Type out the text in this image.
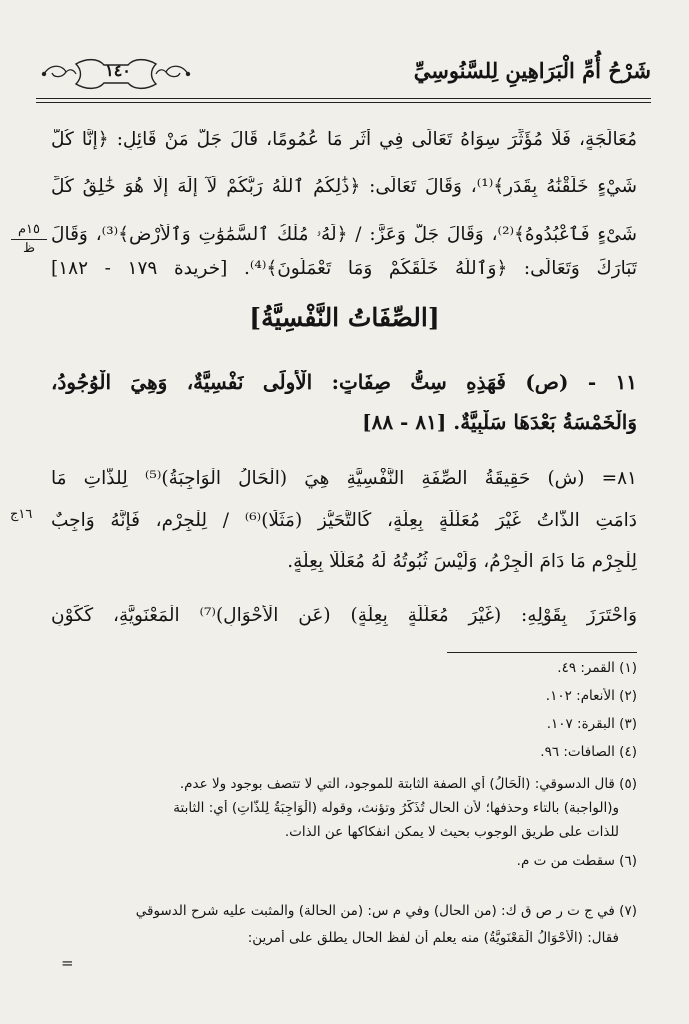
شَرْحُ أُمِّ الْبَرَاهِينِ لِلسَّنُوسِيِّ
١٤٠
مُعَالَجَةٍ، فَلَا مُؤَثِّرَ سِوَاهُ تَعَالَى فِي أَثَرٍ مَا عُمُومًا، قَالَ جَلَّ مَنْ قَائِلٍ: ﴿إِنَّا كُلَّ
شَيْءٍ خَلَقْنَٰهُ بِقَدَرٍ﴾⁽¹⁾، وَقَالَ تَعَالَى: ﴿ذَٰلِكُمُ ٱللَّهُ رَبُّكُمْ لَآ إِلَٰهَ إِلَّا هُوَ خَٰلِقُ كُلِّ
شَىْءٍ فَٱعْبُدُوهُ﴾⁽²⁾، وَقَالَ جَلَّ وَعَزَّ: / ﴿لَهُۥ مُلْكُ ٱلسَّمَٰوَٰتِ وَٱلْأَرْضِ﴾⁽³⁾، وَقَالَ
تَبَارَكَ وَتَعَالَى: ﴿وَٱللَّهُ خَلَقَكُمْ وَمَا تَعْمَلُونَ﴾⁽⁴⁾. [خريدة ١٧٩ - ١٨٢]
١٥م
ظ
[الصِّفَاتُ النَّفْسِيَّةُ]
١١ - (ص) فَهَذِهِ سِتُّ صِفَاتٍ: الْأُولَى نَفْسِيَّةٌ، وَهِيَ الْوُجُودُ،
وَالْخَمْسَةُ بَعْدَهَا سَلْبِيَّةٌ. [٨١ - ٨٨]
٨١= (ش) حَقِيقَةُ الصِّفَةِ النَّفْسِيَّةِ هِيَ (الْحَالُ الْوَاجِبَةُ)⁽⁵⁾ لِلذَّاتِ مَا
دَامَتِ الذَّاتُ غَيْرَ مُعَلَّلَةٍ بِعِلَّةٍ، كَالتَّحَيُّزِ (مَثَلًا)⁽⁶⁾ / لِلْجِرْمِ، فَإِنَّهُ وَاجِبٌ
لِلْجِرْمِ مَا دَامَ الْجِرْمُ، وَلَيْسَ ثُبُوتُهُ لَهُ مُعَلَّلًا بِعِلَّةٍ.
وَاحْتَرَزَ بِقَوْلِهِ: (غَيْرَ مُعَلَّلَةٍ بِعِلَّةٍ) (عَنِ الْأَحْوَالِ)⁽⁷⁾ الْمَعْنَوِيَّةِ، كَكَوْنِ
١٦ج
(١) القمر: ٤٩.
(٢) الأنعام: ١٠٢.
(٣) البقرة: ١٠٧.
(٤) الصافات: ٩٦.
(٥) قال الدسوقي: (الْحَالُ) أي الصفة الثابتة للموجود، التي لا تتصف بوجود ولا عدم.
و(الواجبة) بالتاء وحذفها؛ لأن الحال تُذَكَّرُ وتؤنث، وقوله (الْوَاجِبَةُ لِلذَّاتِ) أي: الثابتة
للذات على طريق الوجوب بحيث لا يمكن انفكاكها عن الذات.
(٦) سقطت من ت م.
(٧) في ج ت ر ص ق ك: (من الحال) وفي م س: (من الحالة) والمثبت عليه شرح الدسوقي
فقال: (الْأَحْوَالُ الْمَعْنَوِيَّةُ) منه يعلم أن لفظ الحال يطلق على أمرين:
=
